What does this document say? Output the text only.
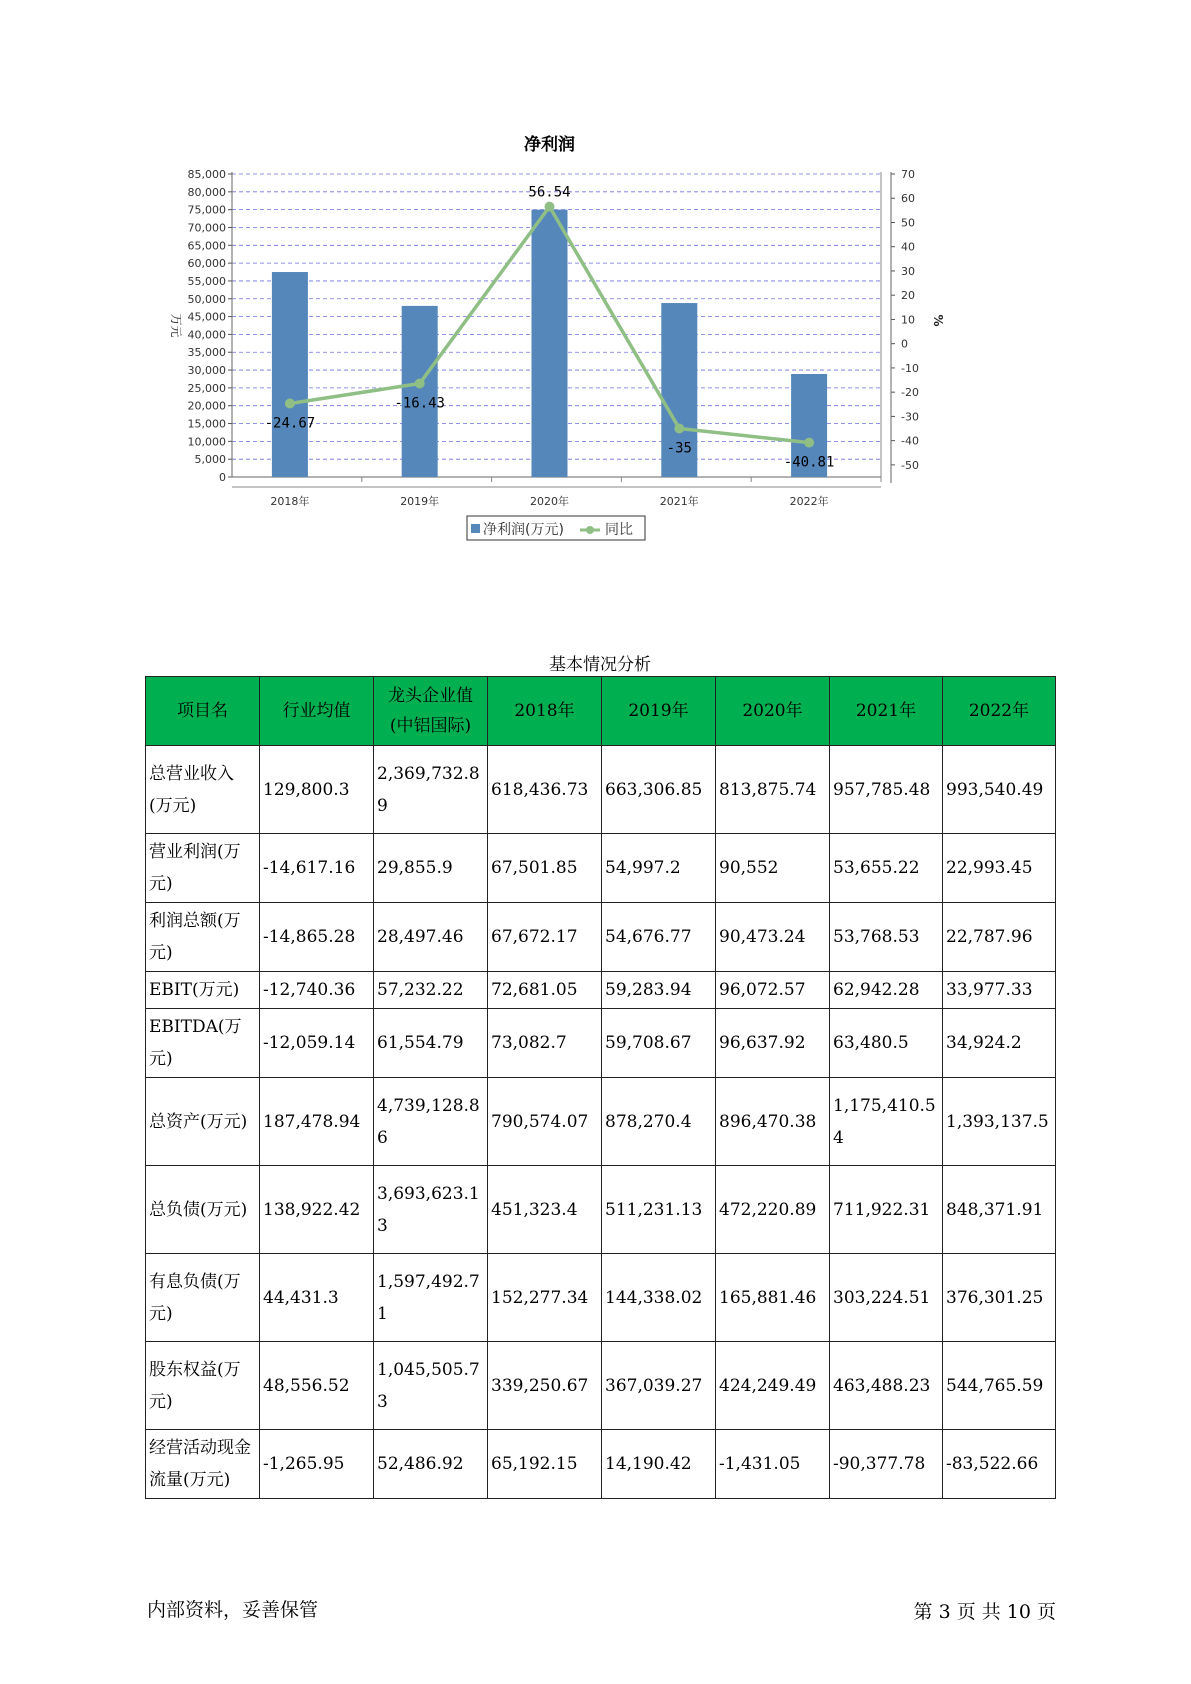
净利润
0
5,000
10,000
15,000
20,000
25,000
30,000
35,000
40,000
45,000
50,000
55,000
60,000
65,000
70,000
75,000
80,000
85,000
-50
-40
-30
-20
-10
0
10
20
30
40
50
60
70
万元	%
2018年	2019年	2020年	2021年	2022年
-24.67
-16.43
56.54
-35
-40.81
净利润(万元)	同比
基本情况分析
项目名	行业均值	龙头企业值(中铝国际)	2018年	2019年	2020年	2021年	2022年
总营业收入(万元)	129,800.3	2,369,732.89	618,436.73	663,306.85	813,875.74	957,785.48	993,540.49
营业利润(万元)	-14,617.16	29,855.9	67,501.85	54,997.2	90,552	53,655.22	22,993.45
利润总额(万元)	-14,865.28	28,497.46	67,672.17	54,676.77	90,473.24	53,768.53	22,787.96
EBIT(万元)	-12,740.36	57,232.22	72,681.05	59,283.94	96,072.57	62,942.28	33,977.33
EBITDA(万元)	-12,059.14	61,554.79	73,082.7	59,708.67	96,637.92	63,480.5	34,924.2
总资产(万元)	187,478.94	4,739,128.86	790,574.07	878,270.4	896,470.38	1,175,410.54	1,393,137.5
总负债(万元)	138,922.42	3,693,623.13	451,323.4	511,231.13	472,220.89	711,922.31	848,371.91
有息负债(万元)	44,431.3	1,597,492.71	152,277.34	144,338.02	165,881.46	303,224.51	376,301.25
股东权益(万元)	48,556.52	1,045,505.73	339,250.67	367,039.27	424,249.49	463,488.23	544,765.59
经营活动现金流量(万元)	-1,265.95	52,486.92	65,192.15	14,190.42	-1,431.05	-90,377.78	-83,522.66
内部资料，妥善保管	第 3 页 共 10 页
